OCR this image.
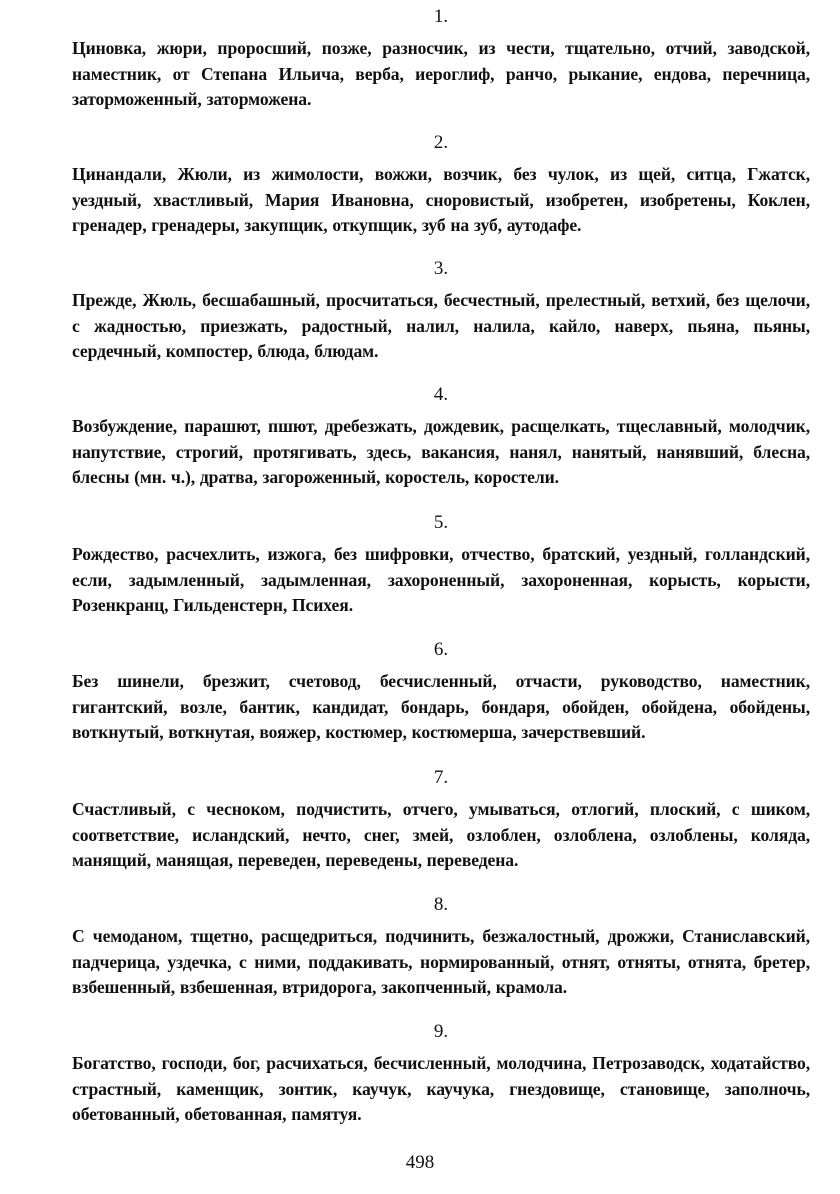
1.
Циновка, жюри, проросший, позже, разносчик, из чести, тщательно, отчий, заводской, наместник, от Степана Ильича, верба, иероглиф, ранчо, рыкание, ендова, перечница, заторможенный, заторможена.
2.
Цинандали, Жюли, из жимолости, вожжи, возчик, без чулок, из щей, ситца, Гжатск, уездный, хвастливый, Мария Ивановна, сноровистый, изобретен, изобретены, Коклен, гренадер, гренадеры, закупщик, откупщик, зуб на зуб, аутодафе.
3.
Прежде, Жюль, бесшабашный, просчитаться, бесчестный, прелестный, ветхий, без щелочи, с жадностью, приезжать, радостный, налил, налила, кайло, наверх, пьяна, пьяны, сердечный, компостер, блюда, блюдам.
4.
Возбуждение, парашют, пшют, дребезжать, дождевик, расщелкать, тщеславный, молодчик, напутствие, строгий, протягивать, здесь, вакансия, нанял, нанятый, нанявший, блесна, блесны (мн. ч.), дратва, загороженный, коростель, коростели.
5.
Рождество, расчехлить, изжога, без шифровки, отчество, братский, уездный, голландский, если, задымленный, задымленная, захороненный, захороненная, корысть, корысти, Розенкранц, Гильденстерн, Психея.
6.
Без шинели, брезжит, счетовод, бесчисленный, отчасти, руководство, наместник, гигантский, возле, бантик, кандидат, бондарь, бондаря, обойден, обойдена, обойдены, воткнутый, воткнутая, вояжер, костюмер, костюмерша, зачерствевший.
7.
Счастливый, с чесноком, подчистить, отчего, умываться, отлогий, плоский, с шиком, соответствие, исландский, нечто, снег, змей, озлоблен, озлоблена, озлоблены, коляда, манящий, манящая, переведен, переведены, переведена.
8.
С чемоданом, тщетно, расщедриться, подчинить, безжалостный, дрожжи, Станиславский, падчерица, уздечка, с ними, поддакивать, нормированный, отнят, отняты, отнята, бретер, взбешенный, взбешенная, втридорога, закопченный, крамола.
9.
Богатство, господи, бог, расчихаться, бесчисленный, молодчина, Петрозаводск, ходатайство, страстный, каменщик, зонтик, каучук, каучука, гнездовище, становище, заполночь, обетованный, обетованная, памятуя.
498
